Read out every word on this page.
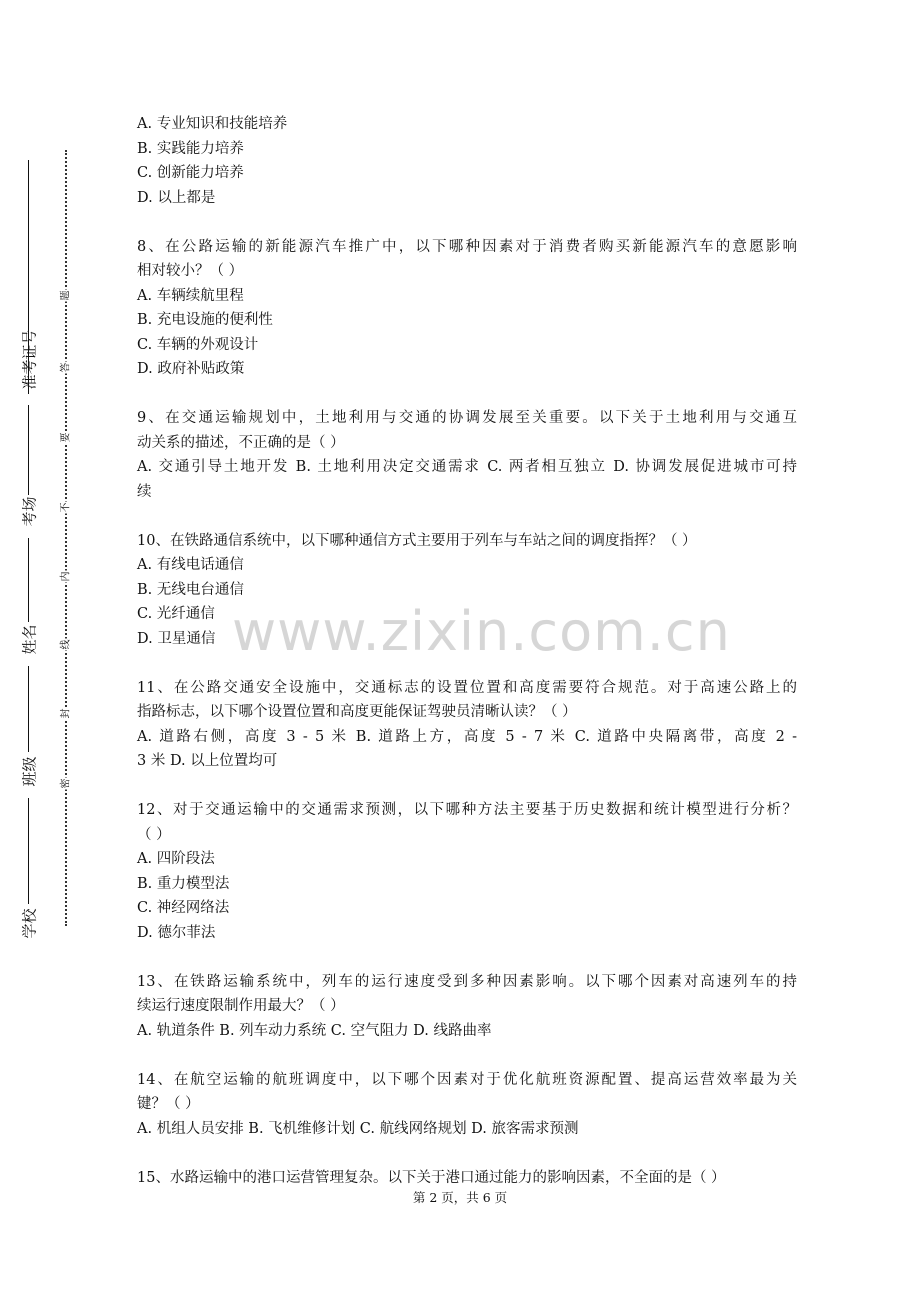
准考证号
考场
姓名
班级
学校
题
答
要
不
内
线
封
密
A. 专业知识和技能培养
B. 实践能力培养
C. 创新能力培养
D. 以上都是
8、在公路运输的新能源汽车推广中，以下哪种因素对于消费者购买新能源汽车的意愿影响
相对较小？（ ）
A. 车辆续航里程
B. 充电设施的便利性
C. 车辆的外观设计
D. 政府补贴政策
9、在交通运输规划中，土地利用与交通的协调发展至关重要。以下关于土地利用与交通互
动关系的描述，不正确的是（ ）
A. 交通引导土地开发 B. 土地利用决定交通需求 C. 两者相互独立 D. 协调发展促进城市可持
续
10、在铁路通信系统中，以下哪种通信方式主要用于列车与车站之间的调度指挥？（ ）
A. 有线电话通信
B. 无线电台通信
C. 光纤通信
D. 卫星通信
11、在公路交通安全设施中，交通标志的设置位置和高度需要符合规范。对于高速公路上的
指路标志，以下哪个设置位置和高度更能保证驾驶员清晰认读？（ ）
A. 道路右侧，高度 3 - 5 米 B. 道路上方，高度 5 - 7 米 C. 道路中央隔离带，高度 2 -
3 米 D. 以上位置均可
12、对于交通运输中的交通需求预测，以下哪种方法主要基于历史数据和统计模型进行分析？
（ ）
A. 四阶段法
B. 重力模型法
C. 神经网络法
D. 德尔菲法
13、在铁路运输系统中，列车的运行速度受到多种因素影响。以下哪个因素对高速列车的持
续运行速度限制作用最大？（ ）
A. 轨道条件 B. 列车动力系统 C. 空气阻力 D. 线路曲率
14、在航空运输的航班调度中，以下哪个因素对于优化航班资源配置、提高运营效率最为关
键？（ ）
A. 机组人员安排 B. 飞机维修计划 C. 航线网络规划 D. 旅客需求预测
15、水路运输中的港口运营管理复杂。以下关于港口通过能力的影响因素，不全面的是（ ）
www.zixin.com.cn
第 2 页，共 6 页
